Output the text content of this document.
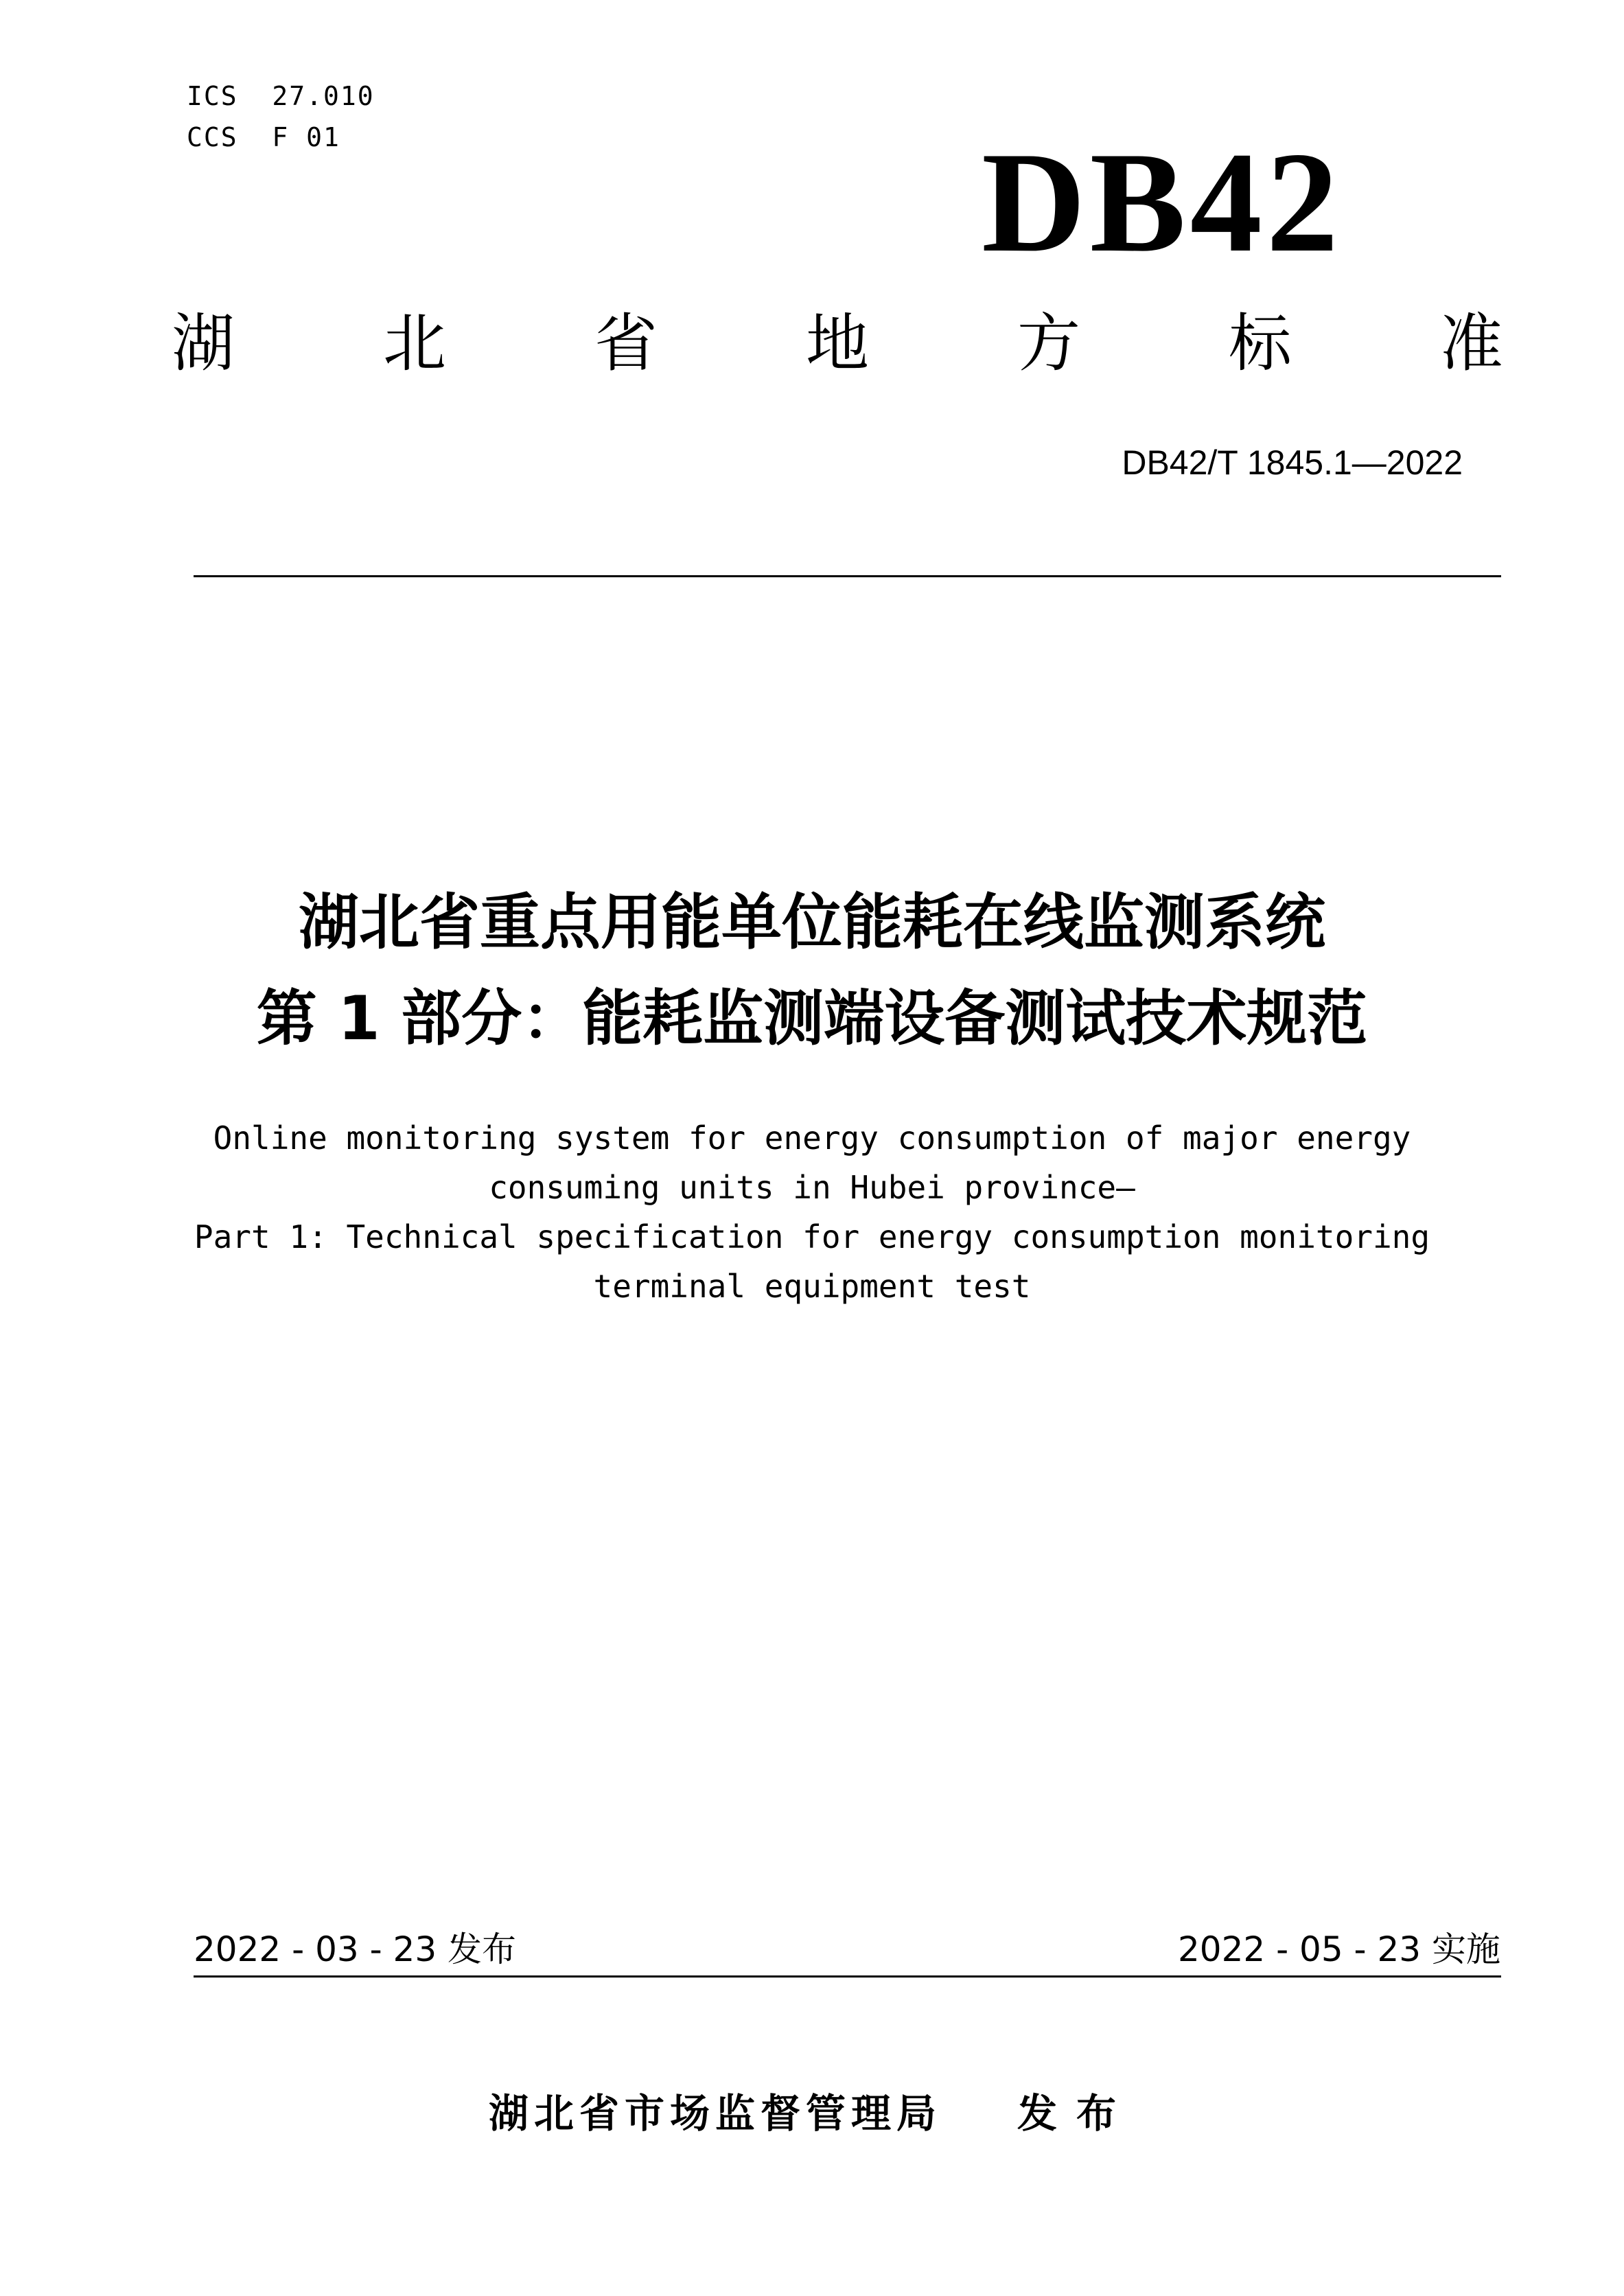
ICS  27.010
CCS  F 01	DB42
湖 北 省 地 方 标 准
DB42/T 1845.1—2022
湖北省重点用能单位能耗在线监测系统
第 1 部分：能耗监测端设备测试技术规范
Online monitoring system for energy consumption of major energy
consuming units in Hubei province—
Part 1: Technical specification for energy consumption monitoring
terminal equipment test
2022 - 03 - 23 发布	2022 - 05 - 23 实施
湖北省市场监督管理局 发布
